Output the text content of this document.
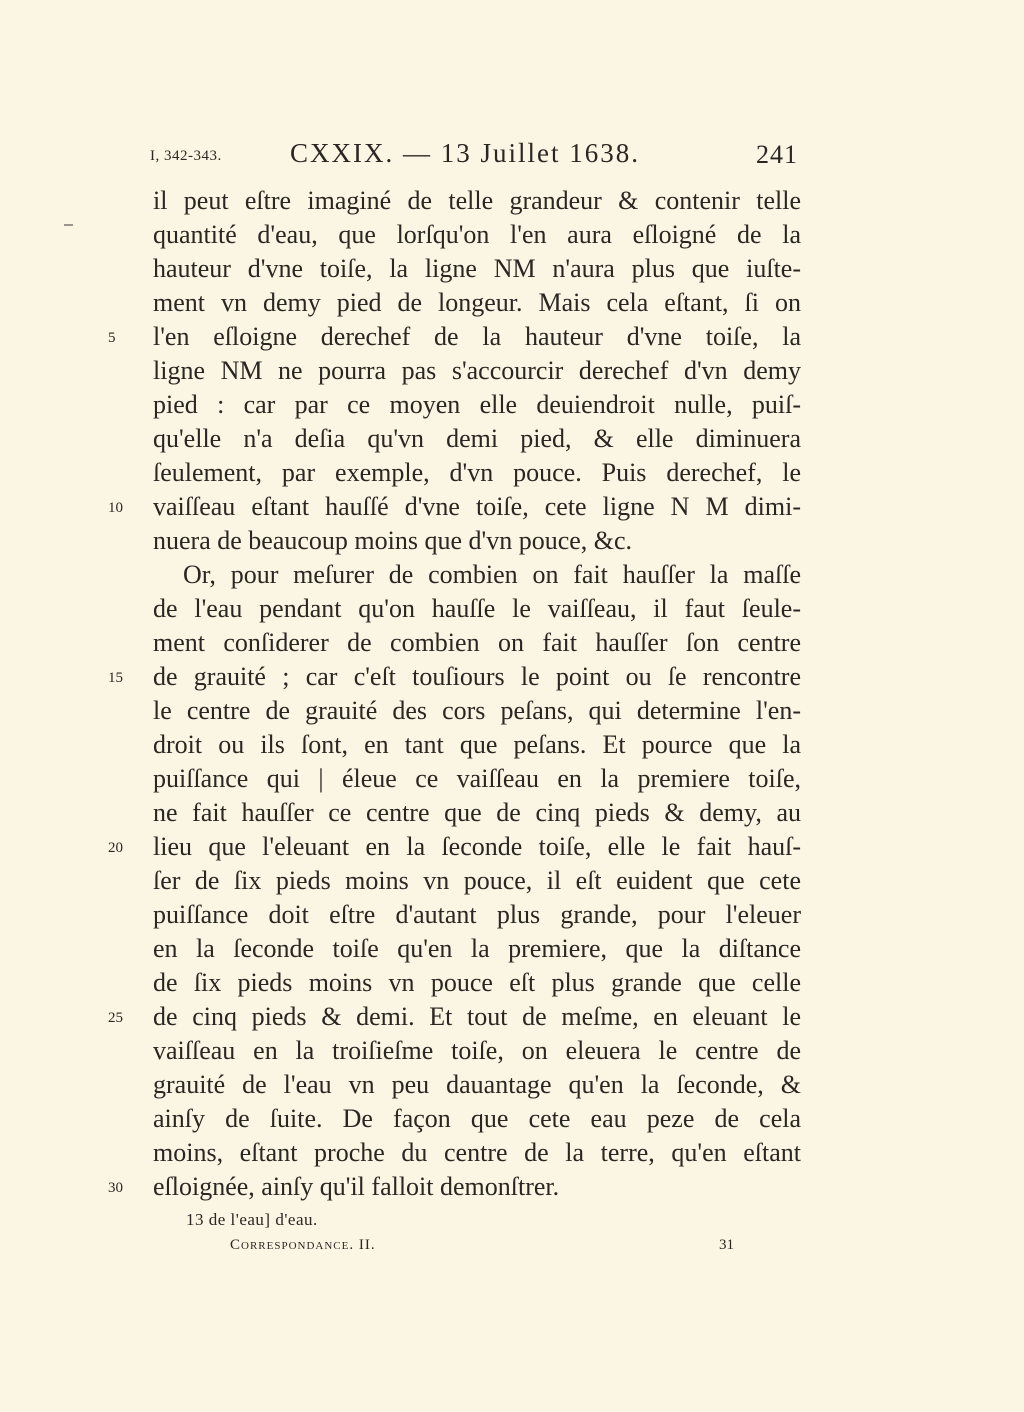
I, 342-343.	CXXIX. — 13 Juillet 1638.	241
il peut eſtre imaginé de telle grandeur & contenir telle
quantité d'eau, que lorſqu'on l'en aura eſloigné de la
hauteur d'vne toiſe, la ligne NM n'aura plus que iuſte-
ment vn demy pied de longeur. Mais cela eſtant, ſi on
5	l'en eſloigne derechef de la hauteur d'vne toiſe, la
ligne NM ne pourra pas s'accourcir derechef d'vn demy
pied : car par ce moyen elle deuiendroit nulle, puiſ-
qu'elle n'a deſia qu'vn demi pied, & elle diminuera
ſeulement, par exemple, d'vn pouce. Puis derechef, le
10	vaiſſeau eſtant hauſſé d'vne toiſe, cete ligne N M dimi-
nuera de beaucoup moins que d'vn pouce, &c.
Or, pour meſurer de combien on fait hauſſer la maſſe
de l'eau pendant qu'on hauſſe le vaiſſeau, il faut ſeule-
ment conſiderer de combien on fait hauſſer ſon centre
15	de grauité ; car c'eſt touſiours le point ou ſe rencontre
le centre de grauité des cors peſans, qui determine l'en-
droit ou ils ſont, en tant que peſans. Et pource que la
puiſſance qui | éleue ce vaiſſeau en la premiere toiſe,
ne fait hauſſer ce centre que de cinq pieds & demy, au
20	lieu que l'eleuant en la ſeconde toiſe, elle le fait hauſ-
ſer de ſix pieds moins vn pouce, il eſt euident que cete
puiſſance doit eſtre d'autant plus grande, pour l'eleuer
en la ſeconde toiſe qu'en la premiere, que la diſtance
de ſix pieds moins vn pouce eſt plus grande que celle
25	de cinq pieds & demi. Et tout de meſme, en eleuant le
vaiſſeau en la troiſieſme toiſe, on eleuera le centre de
grauité de l'eau vn peu dauantage qu'en la ſeconde, &
ainſy de ſuite. De façon que cete eau peze de cela
moins, eſtant proche du centre de la terre, qu'en eſtant
30	eſloignée, ainſy qu'il falloit demonſtrer.
13 de l'eau] d'eau.
Correspondance. II.	31
